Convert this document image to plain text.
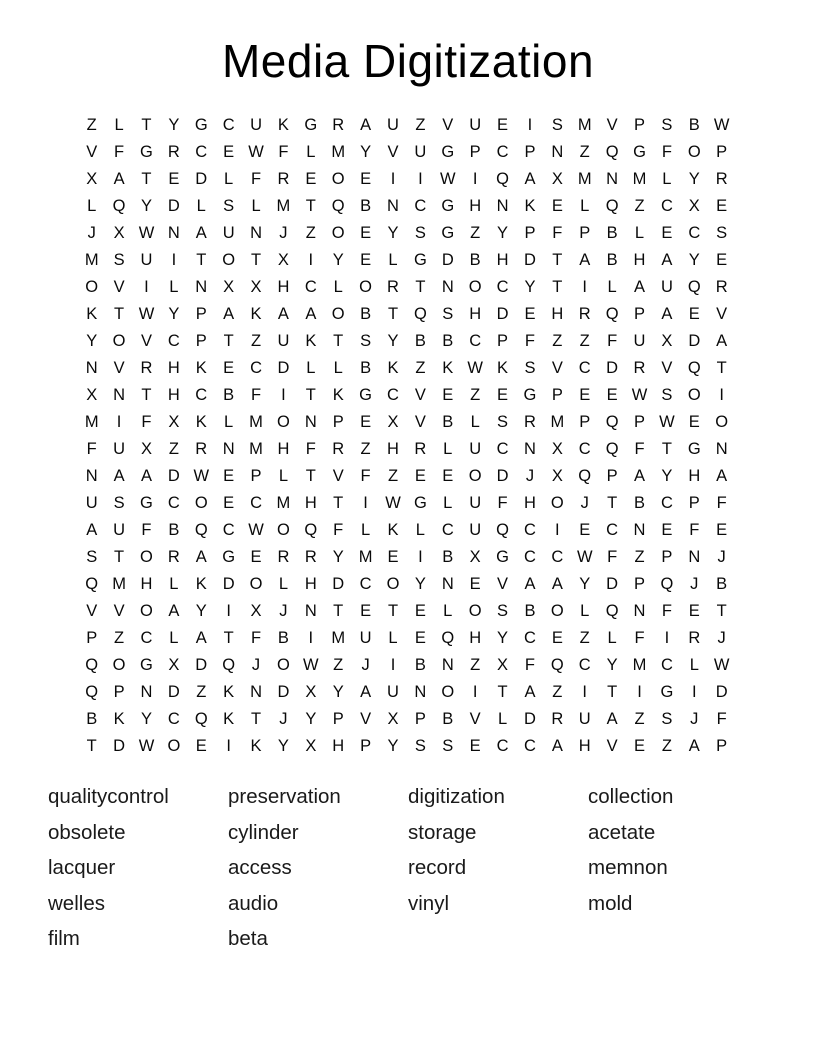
Media Digitization
Z	L	T	Y G C U K G R A U Z	V U E	I	S M V P S B W
V	F G R C E W F	L M Y V U G P C P N Z Q G F O P
X A	T	E D	L	F R E O E	I	I	W	I	Q A X M N M L	Y R
L Q Y D	L	S	L M T Q B N C G H N K E	L Q Z C X E
J	X W N A U N	J	Z O E Y S G Z	Y P	F	P B	L	E C S
M S U	I	T O T	X	I	Y E	L G D B H D T	A B H A Y E
O V	I	L	N X X H C	L O R T N O C Y	T	I	L	A U Q R
K	T W Y P A K A A O B	T Q S H D E H R Q P A E V
Y O V C P	T	Z U K	T	S Y B B C P	F	Z	Z	F U X D A
N V R H K E C D	L	L	B K	Z	K W K S V C D R V Q T
X N T H C B	F	I	T	K G C V E	Z	E G P E E W S O	I
M	I	F	X K	L M O N P E X V B	L	S R M P Q P W E O
F U X	Z R N M H F R Z H R	L	U C N X C Q F	T G N
N A A D W E P	L	T	V	F	Z	E E O D	J	X Q P A Y H A
U S G C O E C M H T	I	W G L	U F H O	J	T	B C P	F
A U F	B Q C W O Q F	L	K	L	C U Q C	I	E C N E	F	E
S	T O R A G E R R Y M E	I	B X G C C W F	Z	P N	J
Q M H	L	K D O L	H D C O Y N E V A A Y D P Q	J	B
V V O A Y	I	X	J	N T	E	T	E	L O S B O L Q N F	E	T
P	Z C	L	A	T	F	B	I	M U	L	E Q H Y C E	Z	L	F	I	R	J
Q O G X D Q	J	O W Z	J	I	B N Z	X	F Q C Y M C	L W
Q P N D Z	K N D X Y A U N O	I	T	A	Z	I	T	I	G	I	D
B K Y C Q K	T	J	Y P V X P B V	L	D R U A	Z	S	J	F
T D W O E	I	K Y X H P Y S S E C C A H V E	Z	A P
qualitycontrol
obsolete
lacquer
welles
film
preservation
cylinder
access
audio
beta
digitization
storage
record
vinyl
collection
acetate
memnon
mold
